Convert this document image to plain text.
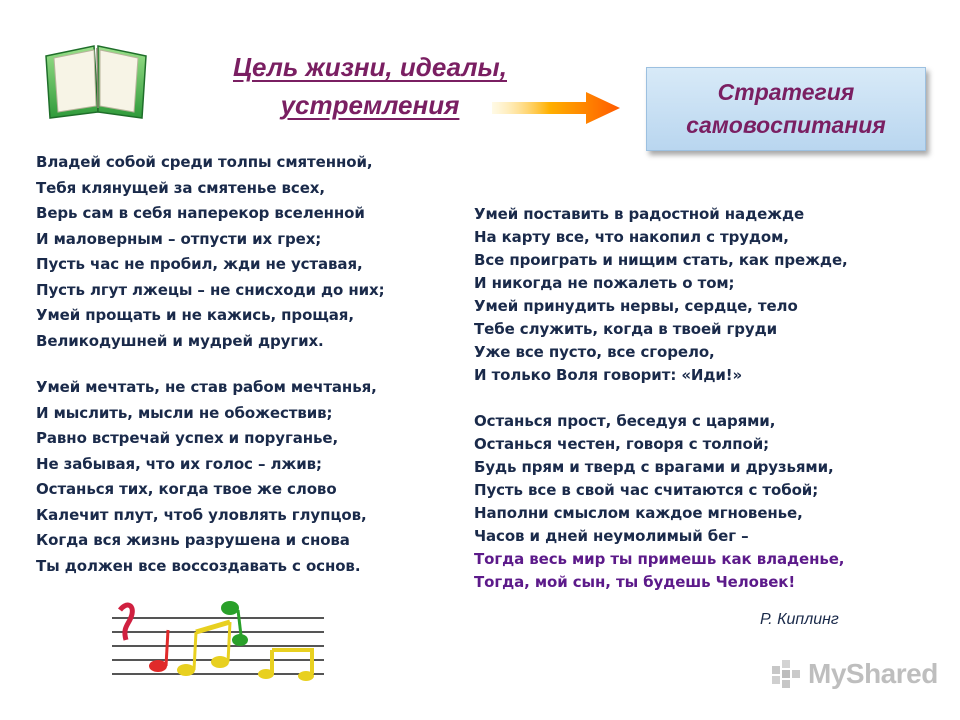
Цель жизни, идеалы,
устремления	Стратегия
самовоспитания
Владей собой среди толпы смятенной,
Тебя клянущей за смятенье всех,
Верь сам в себя наперекор вселенной
И маловерным – отпусти их грех;
Пусть час не пробил, жди не уставая,
Пусть лгут лжецы – не снисходи до них;
Умей прощать и не кажись, прощая,
Великодушней и мудрей других.
Умей мечтать, не став рабом мечтанья,
И мыслить, мысли не обожествив;
Равно встречай успех и поруганье,
Не забывая, что их голос – лжив;
Останься тих, когда твое же слово
Калечит плут, чтоб уловлять глупцов,
Когда вся жизнь разрушена и снова
Ты должен все воссоздавать с основ.
Умей поставить в радостной надежде
На карту все, что накопил с трудом,
Все проиграть и нищим стать, как прежде,
И никогда не пожалеть о том;
Умей принудить нервы, сердце, тело
Тебе служить, когда в твоей груди
Уже все пусто, все сгорело,
И только Воля говорит: «Иди!»
Останься прост, беседуя с царями,
Останься честен, говоря с толпой;
Будь прям и тверд с врагами и друзьями,
Пусть все в свой час считаются с тобой;
Наполни смыслом каждое мгновенье,
Часов и дней неумолимый бег –
Тогда весь мир ты примешь как владенье,
Тогда, мой сын, ты будешь Человек!
Р. Киплинг
MyShared
